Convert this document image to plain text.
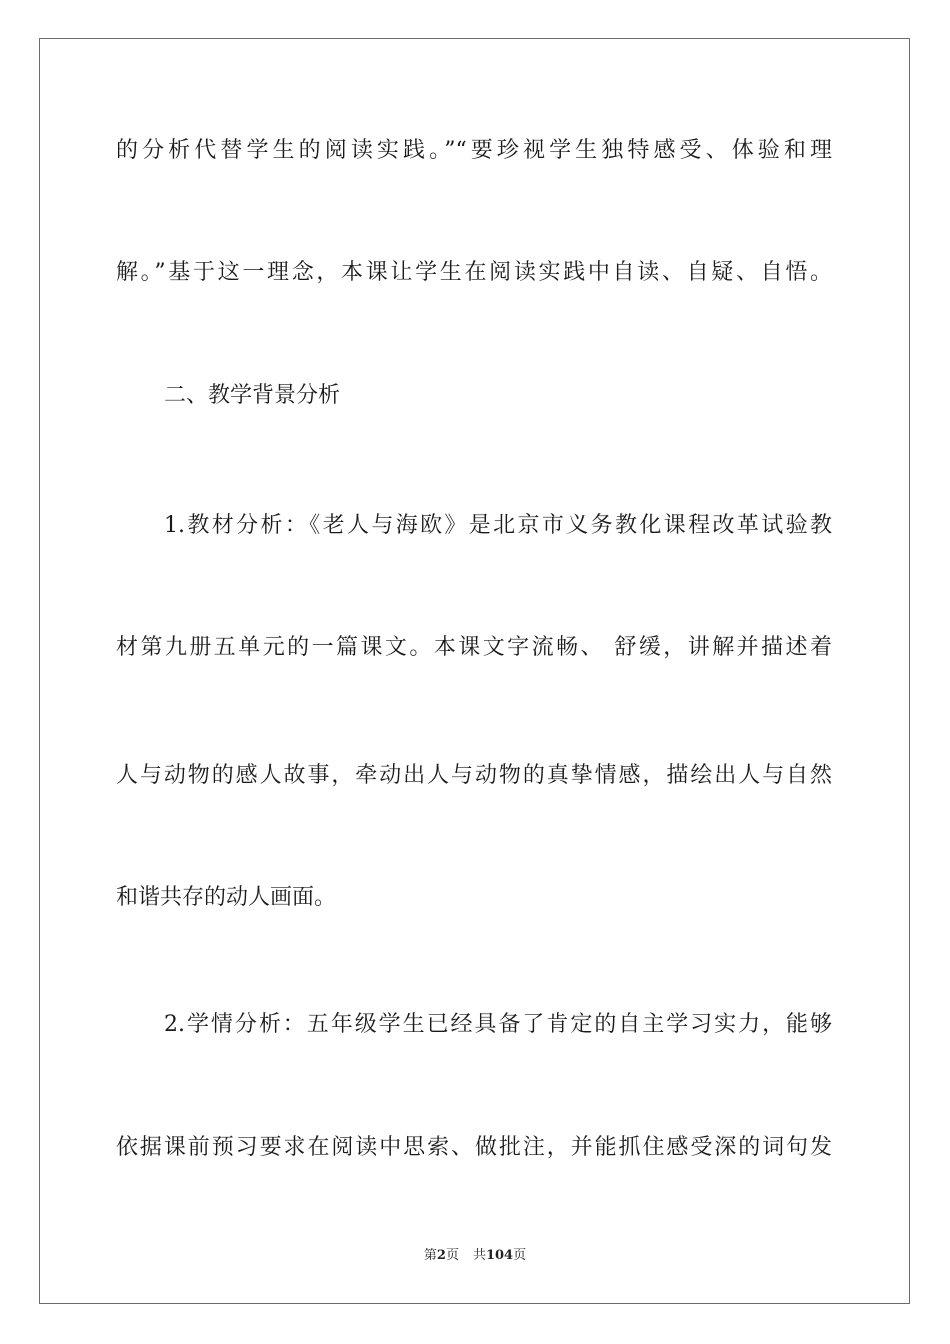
的分析代替学生的阅读实践。”“要珍视学生独特感受、体验和理
解。”基于这一理念，本课让学生在阅读实践中自读、自疑、自悟。
二、教学背景分析
1.教材分析：《老人与海欧》是北京市义务教化课程改革试验教
材第九册五单元的一篇课文。本课文字流畅、 舒缓，讲解并描述着
人与动物的感人故事，牵动出人与动物的真挚情感，描绘出人与自然
和谐共存的动人画面。
2.学情分析：五年级学生已经具备了肯定的自主学习实力，能够
依据课前预习要求在阅读中思索、做批注，并能抓住感受深的词句发
第2页 共104页
